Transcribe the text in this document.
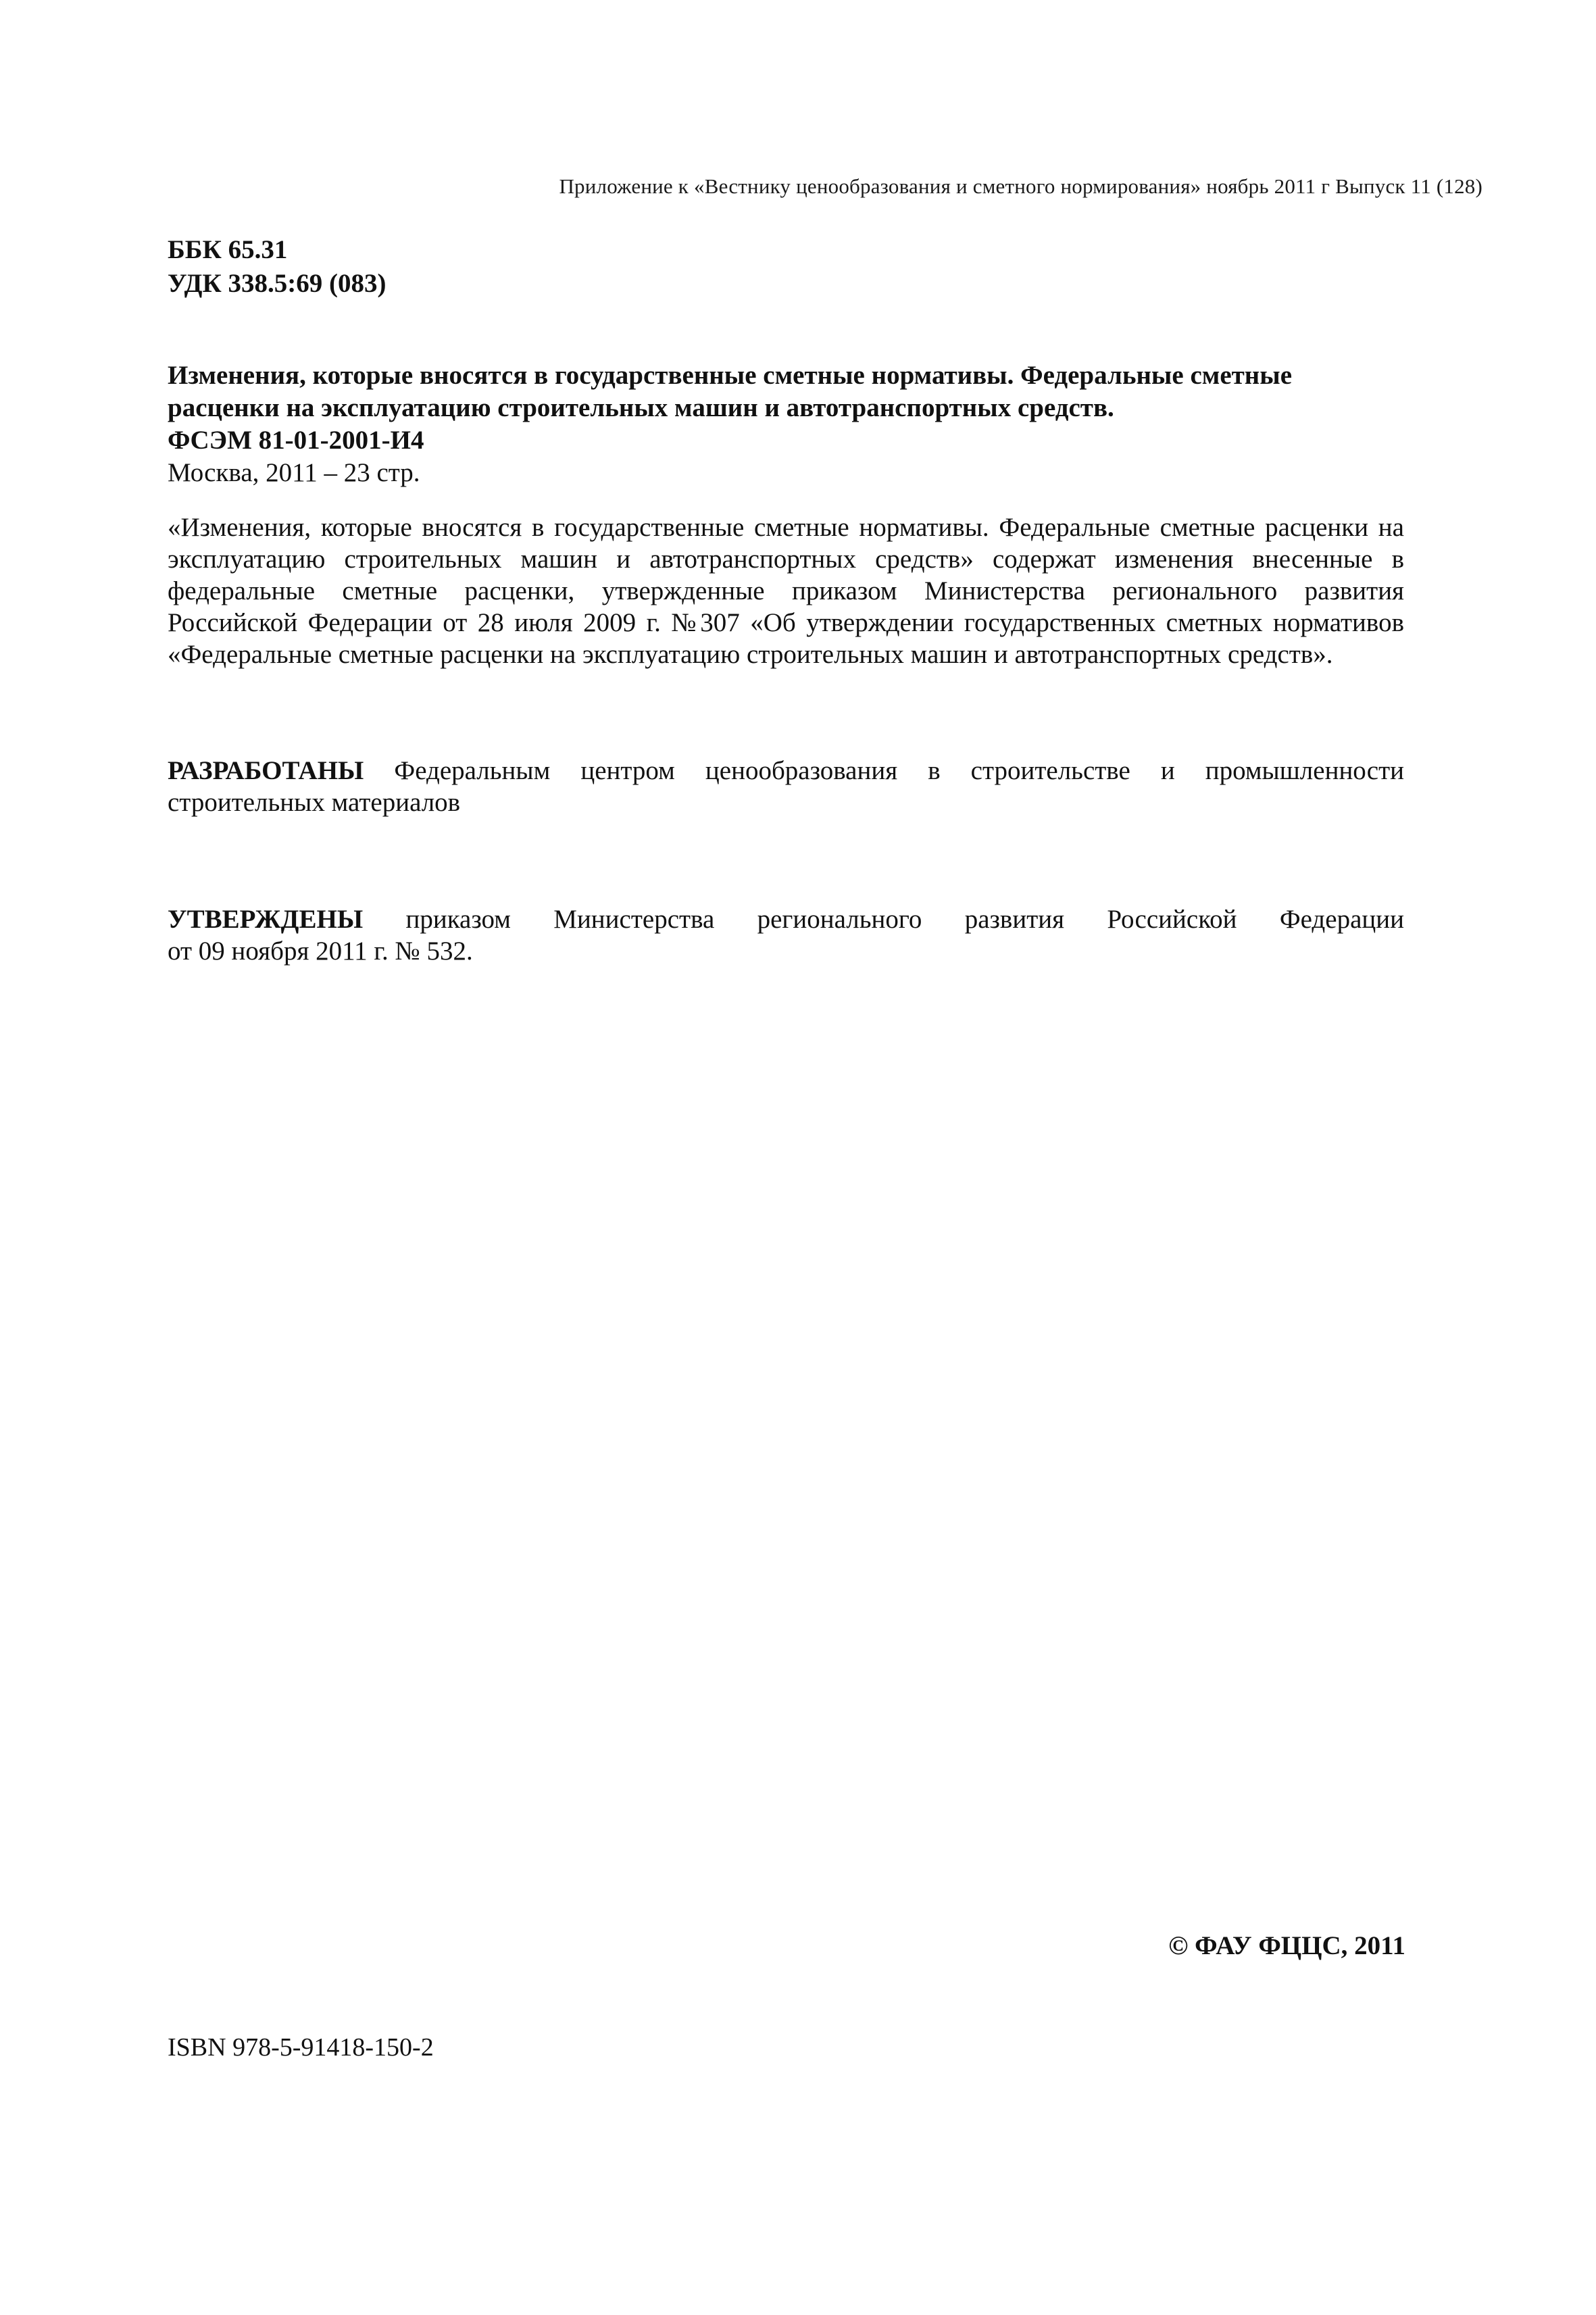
Приложение к «Вестнику ценообразования и сметного нормирования» ноябрь 2011 г Выпуск 11 (128)
ББК 65.31
УДК 338.5:69 (083)
Изменения, которые вносятся в государственные сметные нормативы. Федеральные сметные
расценки на эксплуатацию строительных машин и автотранспортных средств.
ФСЭМ 81-01-2001-И4
Москва, 2011 – 23 стр.
«Изменения, которые вносятся в государственные сметные нормативы. Федеральные сметные расценки на
эксплуатацию строительных машин и автотранспортных средств» содержат изменения внесенные в
федеральные сметные расценки, утвержденные приказом Министерства регионального развития
Российской Федерации от 28 июля 2009 г. №307 «Об утверждении государственных сметных нормативов
«Федеральные сметные расценки на эксплуатацию строительных машин и автотранспортных средств».
РАЗРАБОТАНЫ Федеральным центром ценообразования в строительстве и промышленности
строительных материалов
УТВЕРЖДЕНЫ приказом Министерства регионального развития Российской Федерации
от 09 ноября 2011 г. № 532.
© ФАУ ФЦЦС, 2011
ISBN 978-5-91418-150-2
